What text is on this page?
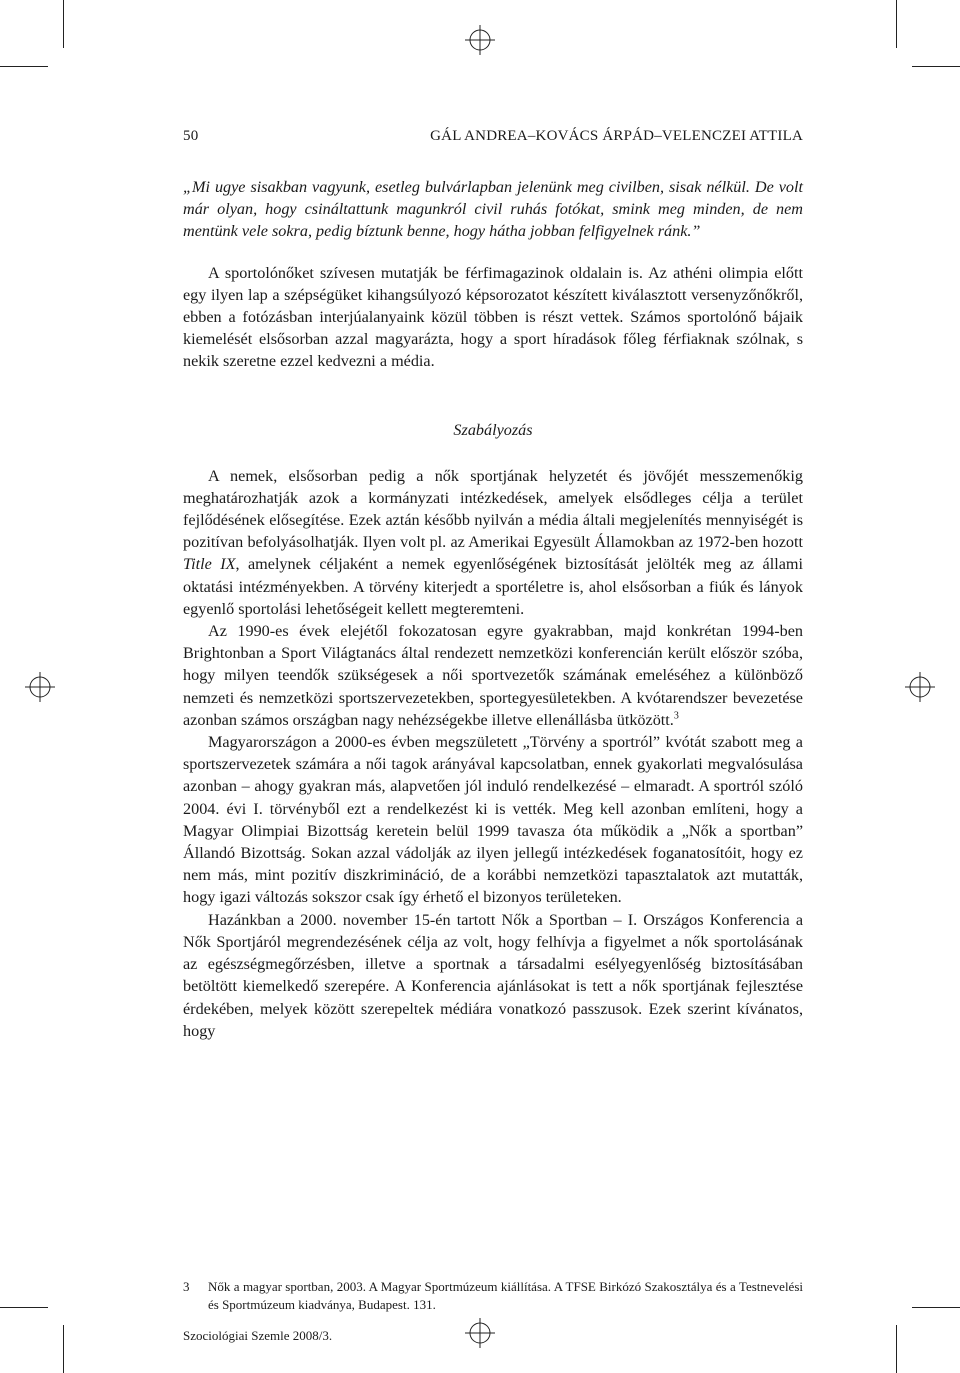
50	GÁL ANDREA–KOVÁCS ÁRPÁD–VELENCZEI ATTILA

„Mi ugye sisakban vagyunk, esetleg bulvárlapban jelenünk meg civilben, sisak nélkül. De volt már olyan, hogy csináltattunk magunkról civil ruhás fotókat, smink meg minden, de nem mentünk vele sokra, pedig bíztunk benne, hogy hátha jobban felfigyelnek ránk.”

A sportolónőket szívesen mutatják be férfimagazinok oldalain is. Az athéni olimpia előtt egy ilyen lap a szépségüket kihangsúlyozó képsorozatot készített kiválasztott versenyzőnőkről, ebben a fotózásban interjúalanyaink közül többen is részt vettek. Számos sportolónő bájaik kiemelését elsősorban azzal magyarázta, hogy a sport híradások főleg férfiaknak szólnak, s nekik szeretne ezzel kedvezni a média.

Szabályozás

A nemek, elsősorban pedig a nők sportjának helyzetét és jövőjét messzemenőkig meghatározhatják azok a kormányzati intézkedések, amelyek elsődleges célja a terület fejlődésének elősegítése. Ezek aztán később nyilván a média általi megjelenítés mennyiségét is pozitívan befolyásolhatják. Ilyen volt pl. az Amerikai Egyesült Államokban az 1972-ben hozott Title IX, amelynek céljaként a nemek egyenlőségének biztosítását jelölték meg az állami oktatási intézményekben. A törvény kiterjedt a sportéletre is, ahol elsősorban a fiúk és lányok egyenlő sportolási lehetőségeit kellett megteremteni.

Az 1990-es évek elejétől fokozatosan egyre gyakrabban, majd konkrétan 1994-ben Brightonban a Sport Világtanács által rendezett nemzetközi konferencián került először szóba, hogy milyen teendők szükségesek a női sportvezetők számának emeléséhez a különböző nemzeti és nemzetközi sportszervezetekben, sportegyesületekben. A kvótarendszer bevezetése azonban számos országban nagy nehézségekbe illetve ellenállásba ütközött.$^3$

Magyarországon a 2000-es évben megszületett „Törvény a sportról” kvótát szabott meg a sportszervezetek számára a női tagok arányával kapcsolatban, ennek gyakorlati megvalósulása azonban – ahogy gyakran más, alapvetően jól induló rendelkezésé – elmaradt. A sportról szóló 2004. évi I. törvényből ezt a rendelkezést ki is vették. Meg kell azonban említeni, hogy a Magyar Olimpiai Bizottság keretein belül 1999 tavasza óta működik a „Nők a sportban” Állandó Bizottság. Sokan azzal vádolják az ilyen jellegű intézkedések foganatosítóit, hogy ez nem más, mint pozitív diszkrimináció, de a korábbi nemzetközi tapasztalatok azt mutatták, hogy igazi változás sokszor csak így érhető el bizonyos területeken.

Hazánkban a 2000. november 15-én tartott Nők a Sportban – I. Országos Konferencia a Nők Sportjáról megrendezésének célja az volt, hogy felhívja a figyelmet a nők sportolásának az egészségmegőrzésben, illetve a sportnak a társadalmi esélyegyenlőség biztosításában betöltött kiemelkedő szerepére. A Konferencia ajánlásokat is tett a nők sportjának fejlesztése érdekében, melyek között szerepeltek médiára vonatkozó passzusok. Ezek szerint kívánatos, hogy

3	Nők a magyar sportban, 2003. A Magyar Sportmúzeum kiállítása. A TFSE Birkózó Szakosztálya és a Testnevelési és Sportmúzeum kiadványa, Budapest. 131.
Szociológiai Szemle 2008/3.
